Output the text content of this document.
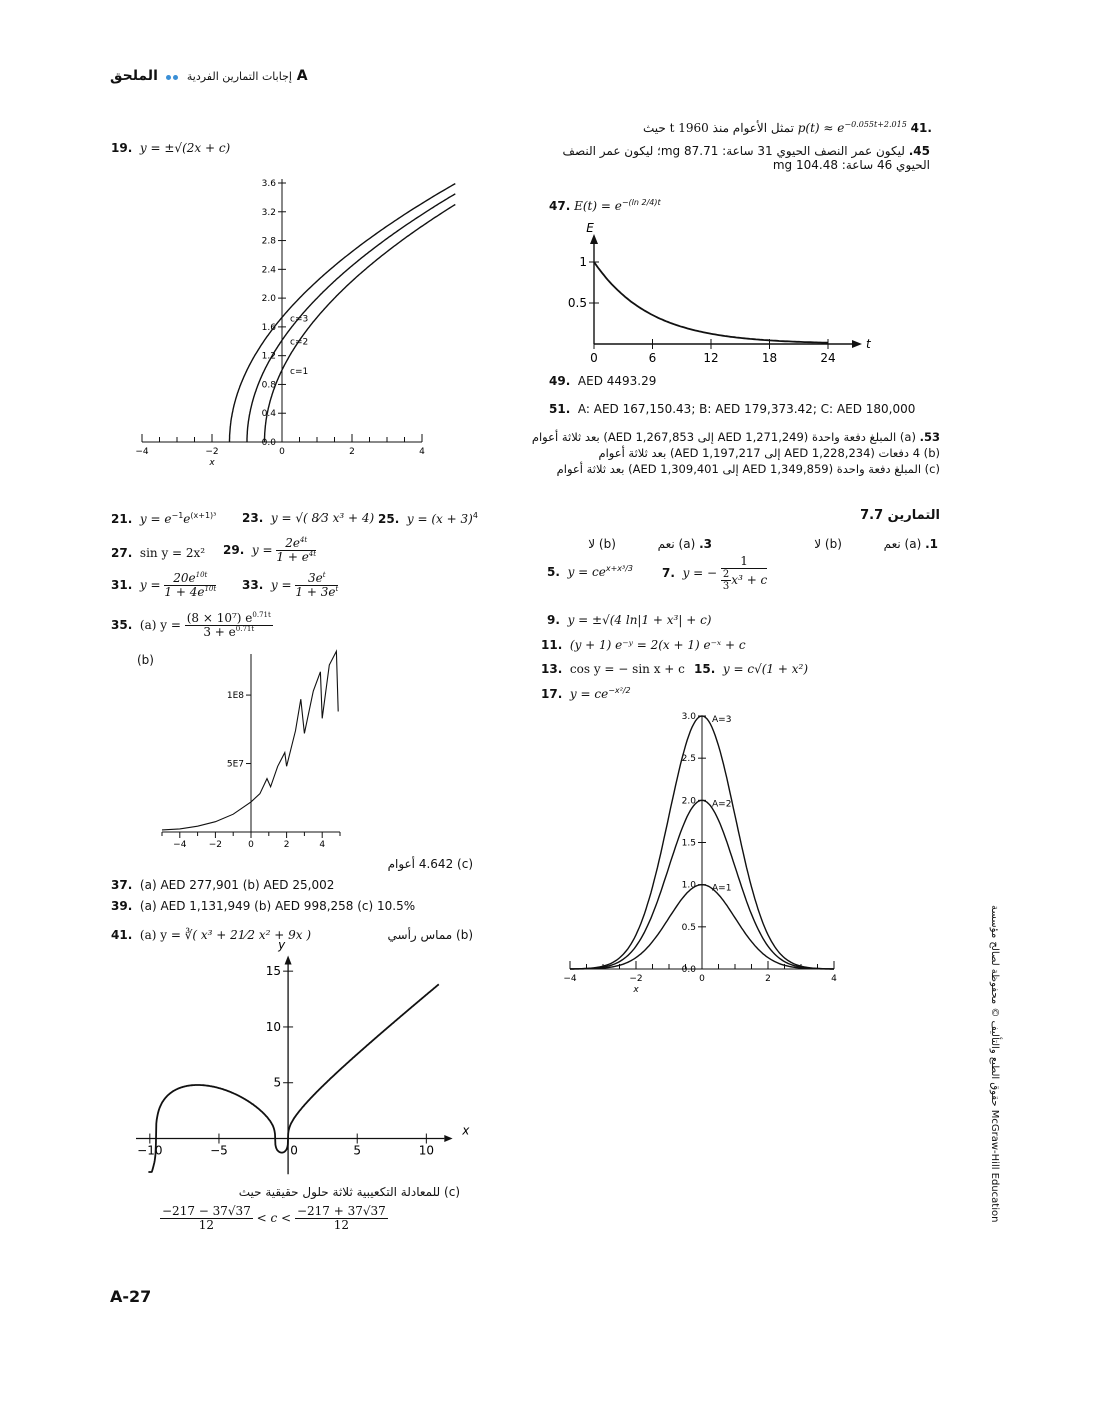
إجابات التمارين الفردية  الملحق A
حيث t تمثل الأعوام منذ 1960 $p(t) \approx e^{-0.055t+2.015}$ 41.
45. ليكون عمر النصف الحيوي 31 ساعة: 87.71 mg؛ ليكون عمر النصف
الحيوي 46 ساعة: 104.48 mg
47. $E(t) = e^{-(ln 2/4)t}$
E
t
0	6	12	18	24
0.5
1
49. AED 4493.29
51. A: AED 167,150.43; B: AED 179,373.42; C: AED 180,000
53. (a) المبلغ دفعة واحدة (AED 1,271,249 إلى AED 1,267,853) بعد ثلاثة أعوام
(b) 4 دفعات (AED 1,228,234 إلى AED 1,197,217) بعد ثلاثة أعوام
(c) المبلغ دفعة واحدة (AED 1,349,859 إلى AED 1,309,401) بعد ثلاثة أعوام
التمارين 7.7
1. (a) نعم  (b) لا
3. (a) نعم  (b) لا
5. $y = ce^{x+x^3/3}$ 7. y = − $\frac{1}{\frac{2}{3} x^3 + c}$
9. y = ±√(4 ln|1 + x³| + c)
11. (y + 1) e⁻ʸ = 2(x + 1) e⁻ˣ + c
13. cos y = − sin x + c 15. y = c√(1 + x²)
17. $y = ce^{-x^2/2}$
−4	−2	0	2	4
x
0.0
0.5
1.0
1.5
2.0
2.5
3.0 A=3
A=2
A=1
19. y = ±√(2x + c)
−4	−2	0	2	4
0.0
0.4
0.8
1.2
1.6
2.0
2.4
2.8
3.2
3.6
x
c=3
c=2
c=1
21. $y = e^{-1}e^{(x+1)^3}$ 23. y = √( 8⁄3 x³ + 4) 25. $y = (x + 3)^4$
27. sin y = 2x² 29. $y = \frac{2e^{4t}}{1 + e^{4t}}$
31. $y = \frac{20e^{10t}}{1 + 4e^{10t}} 33$. $y = \frac{3e^t}{1 + 3e^t}$
35. (a) $y = \frac{(8 \times 10^7) e^{0.71t}}{3 + e^{0.71t}}$
(b)
−4 −2	0	2	4
5E7
1E8
(c) 4.642 أعوام
37. (a) AED 277,901 (b) AED 25,002
39. (a) AED 1,131,949 (b) AED 998,258 (c) 10.5%
41. (a) y = ∛( x³ + 21⁄2 x² + 9x )	(b) مماس رأسي
x
y
−10	−5	0	5	10
5
10
15
(c) للمعادلة التكعيبية ثلاثة حلول حقيقية حيث
$\frac{-217 - 37√37}{12} < c < \frac{-217 + 37√37}{12}$
A-27
حقوق الطبع والتأليف © محفوظة لصالح مؤسسة McGraw-Hill Education
